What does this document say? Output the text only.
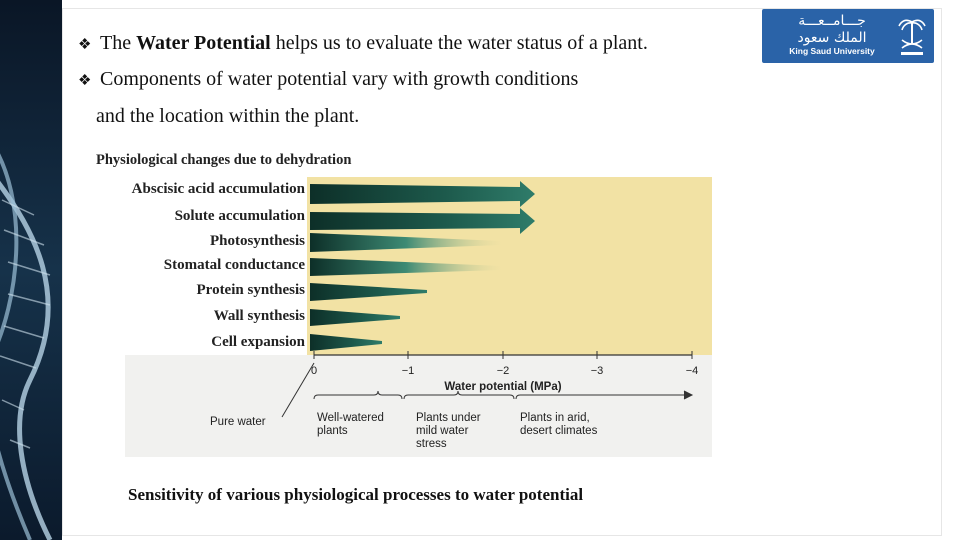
❖ The Water Potential helps us to evaluate the water status of a plant.
❖ Components of water potential vary with growth conditions
and the location within the plant.
جـــامــعـــة
الملك سعود
King Saud University
Physiological changes due to dehydration
Abscisic acid accumulation
Solute accumulation
Photosynthesis
Stomatal conductance
Protein synthesis
Wall synthesis
Cell expansion
0	−1	−2	−3	−4
Water potential (MPa)
Pure water	Well-watered
plants
Plants under
mild water
stress
Plants in arid,
desert climates
Sensitivity of various physiological processes to water potential
